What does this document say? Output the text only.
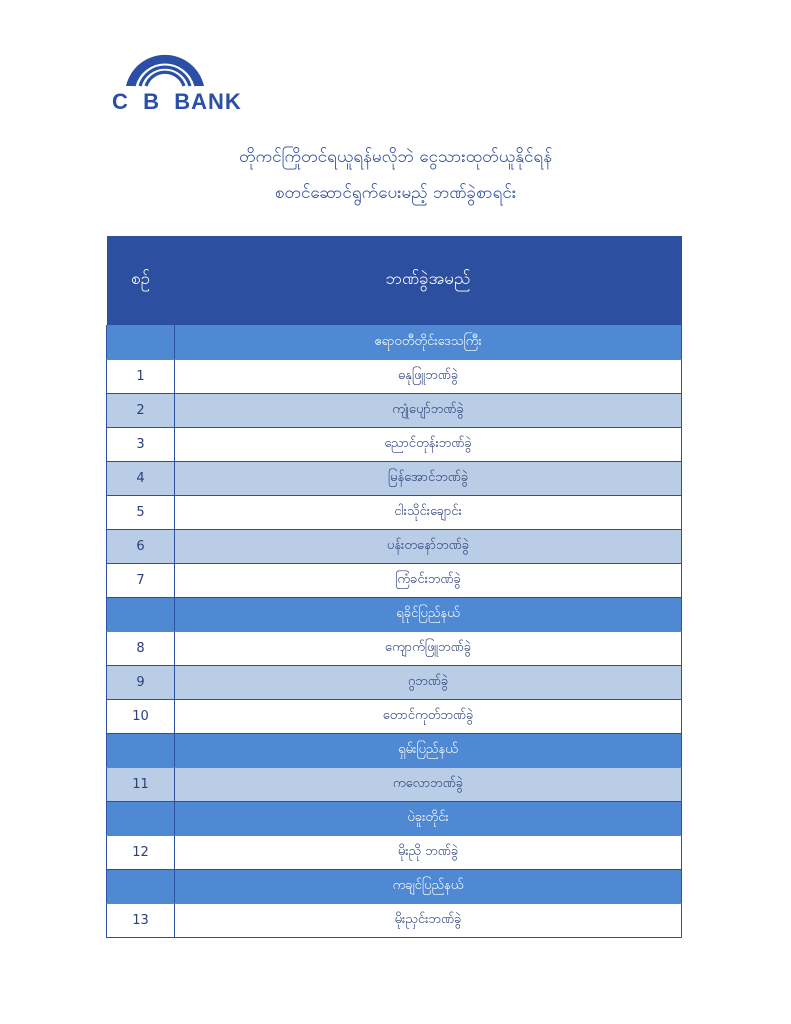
C  B  BANK
တိုကင်ကြိုတင်ရယူရန်မလိုဘဲ ငွေသားထုတ်ယူနိုင်ရန်
စတင်ဆောင်ရွက်ပေးမည့် ဘဏ်ခွဲစာရင်း
စဉ်	ဘဏ်ခွဲအမည်
	ဧရာဝတီတိုင်းဒေသကြီး
1	ဓနုဖြူဘဏ်ခွဲ
2	ကျုံပျော်ဘဏ်ခွဲ
3	ညောင်တုန်းဘဏ်ခွဲ
4	မြန်အောင်ဘဏ်ခွဲ
5	ငါးသိုင်းချောင်း
6	ပန်းတနော်ဘဏ်ခွဲ
7	ကြံခင်းဘဏ်ခွဲ
	ရခိုင်ပြည်နယ်
8	ကျောက်ဖြူဘဏ်ခွဲ
9	ဂွဘဏ်ခွဲ
10	တောင်ကုတ်ဘဏ်ခွဲ
	ရှမ်းပြည်နယ်
11	ကလောဘဏ်ခွဲ
	ပဲခူးတိုင်း
12	မိုးညို ဘဏ်ခွဲ
	ကချင်ပြည်နယ်
13	မိုးညှင်းဘဏ်ခွဲ
